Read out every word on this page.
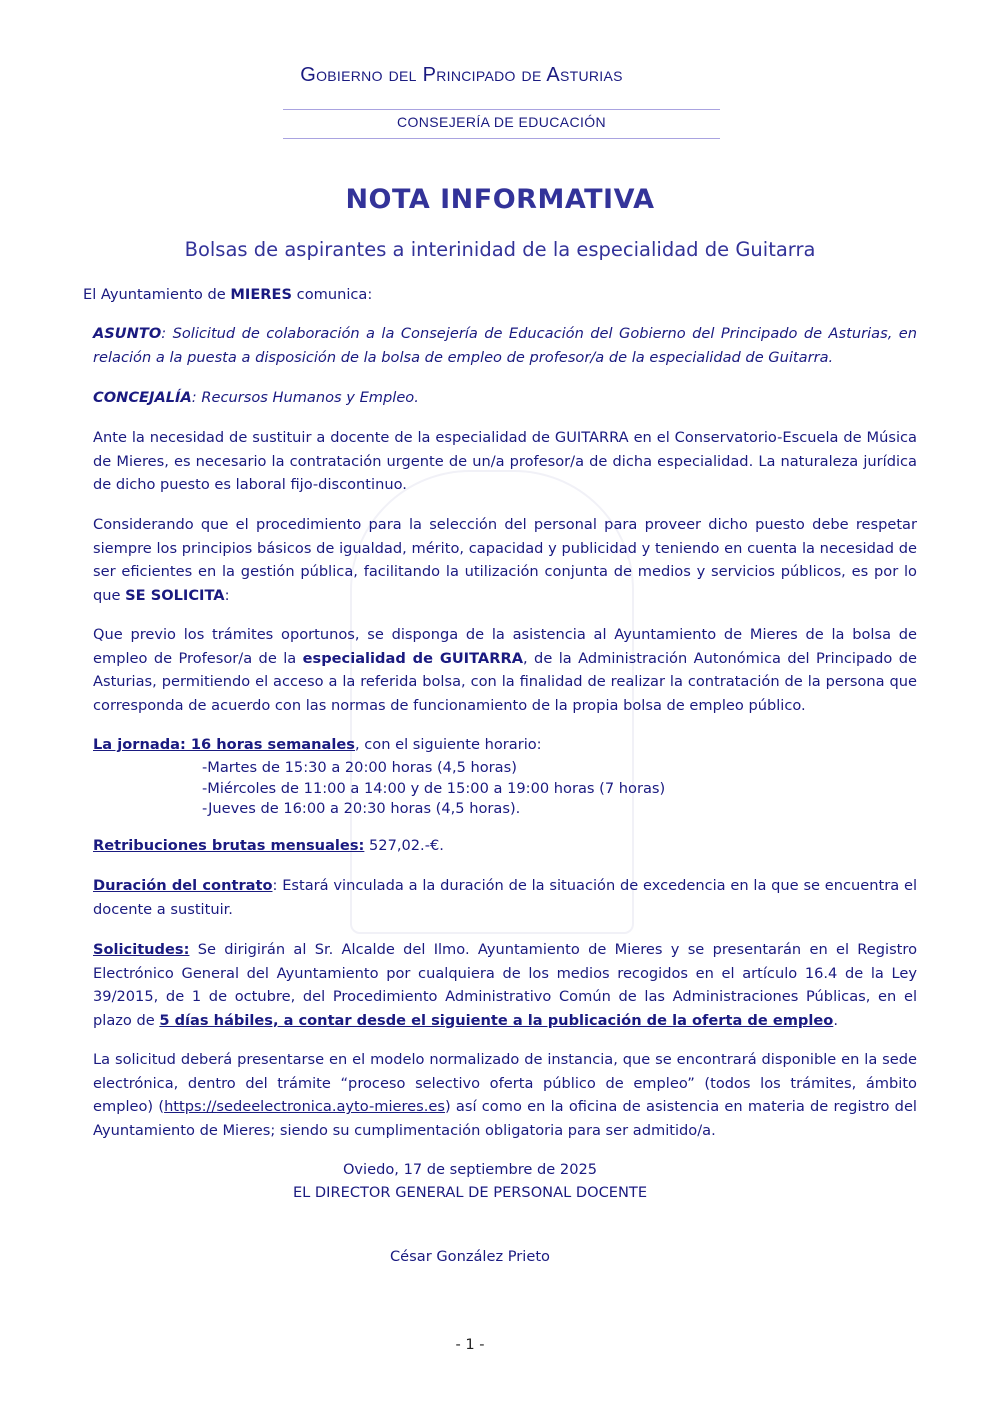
Gobierno del Principado de Asturias
CONSEJERÍA DE EDUCACIÓN
NOTA INFORMATIVA
Bolsas de aspirantes a interinidad de la especialidad de Guitarra
El Ayuntamiento de MIERES comunica:
ASUNTO: Solicitud de colaboración a la Consejería de Educación del Gobierno del Principado de Asturias, en relación a la puesta a disposición de la bolsa de empleo de profesor/a de la especialidad de Guitarra.
CONCEJALÍA: Recursos Humanos y Empleo.
Ante la necesidad de sustituir a docente de la especialidad de GUITARRA en el Conservatorio-Escuela de Música de Mieres, es necesario la contratación urgente de un/a profesor/a de dicha especialidad. La naturaleza jurídica de dicho puesto es laboral fijo-discontinuo.
Considerando que el procedimiento para la selección del personal para proveer dicho puesto debe respetar siempre los principios básicos de igualdad, mérito, capacidad y publicidad y teniendo en cuenta la necesidad de ser eficientes en la gestión pública, facilitando la utilización conjunta de medios y servicios públicos, es por lo que SE SOLICITA:
Que previo los trámites oportunos, se disponga de la asistencia al Ayuntamiento de Mieres de la bolsa de empleo de Profesor/a de la especialidad de GUITARRA, de la Administración Autonómica del Principado de Asturias, permitiendo el acceso a la referida bolsa, con la finalidad de realizar la contratación de la persona que corresponda de acuerdo con las normas de funcionamiento de la propia bolsa de empleo público.
La jornada: 16 horas semanales, con el siguiente horario:
-Martes de 15:30 a 20:00 horas (4,5 horas)
-Miércoles de 11:00 a 14:00 y de 15:00 a 19:00 horas (7 horas)
-Jueves de 16:00 a 20:30 horas (4,5 horas).
Retribuciones brutas mensuales: 527,02.-€.
Duración del contrato: Estará vinculada a la duración de la situación de excedencia en la que se encuentra el docente a sustituir.
Solicitudes: Se dirigirán al Sr. Alcalde del Ilmo. Ayuntamiento de Mieres y se presentarán en el Registro Electrónico General del Ayuntamiento por cualquiera de los medios recogidos en el artículo 16.4 de la Ley 39/2015, de 1 de octubre, del Procedimiento Administrativo Común de las Administraciones Públicas, en el plazo de 5 días hábiles, a contar desde el siguiente a la publicación de la oferta de empleo.
La solicitud deberá presentarse en el modelo normalizado de instancia, que se encontrará disponible en la sede electrónica, dentro del trámite “proceso selectivo oferta público de empleo” (todos los trámites, ámbito empleo) (https://sedeelectronica.ayto-mieres.es) así como en la oficina de asistencia en materia de registro del Ayuntamiento de Mieres; siendo su cumplimentación obligatoria para ser admitido/a.
Oviedo, 17 de septiembre de 2025
EL DIRECTOR GENERAL DE PERSONAL DOCENTE
César González Prieto
- 1 -
